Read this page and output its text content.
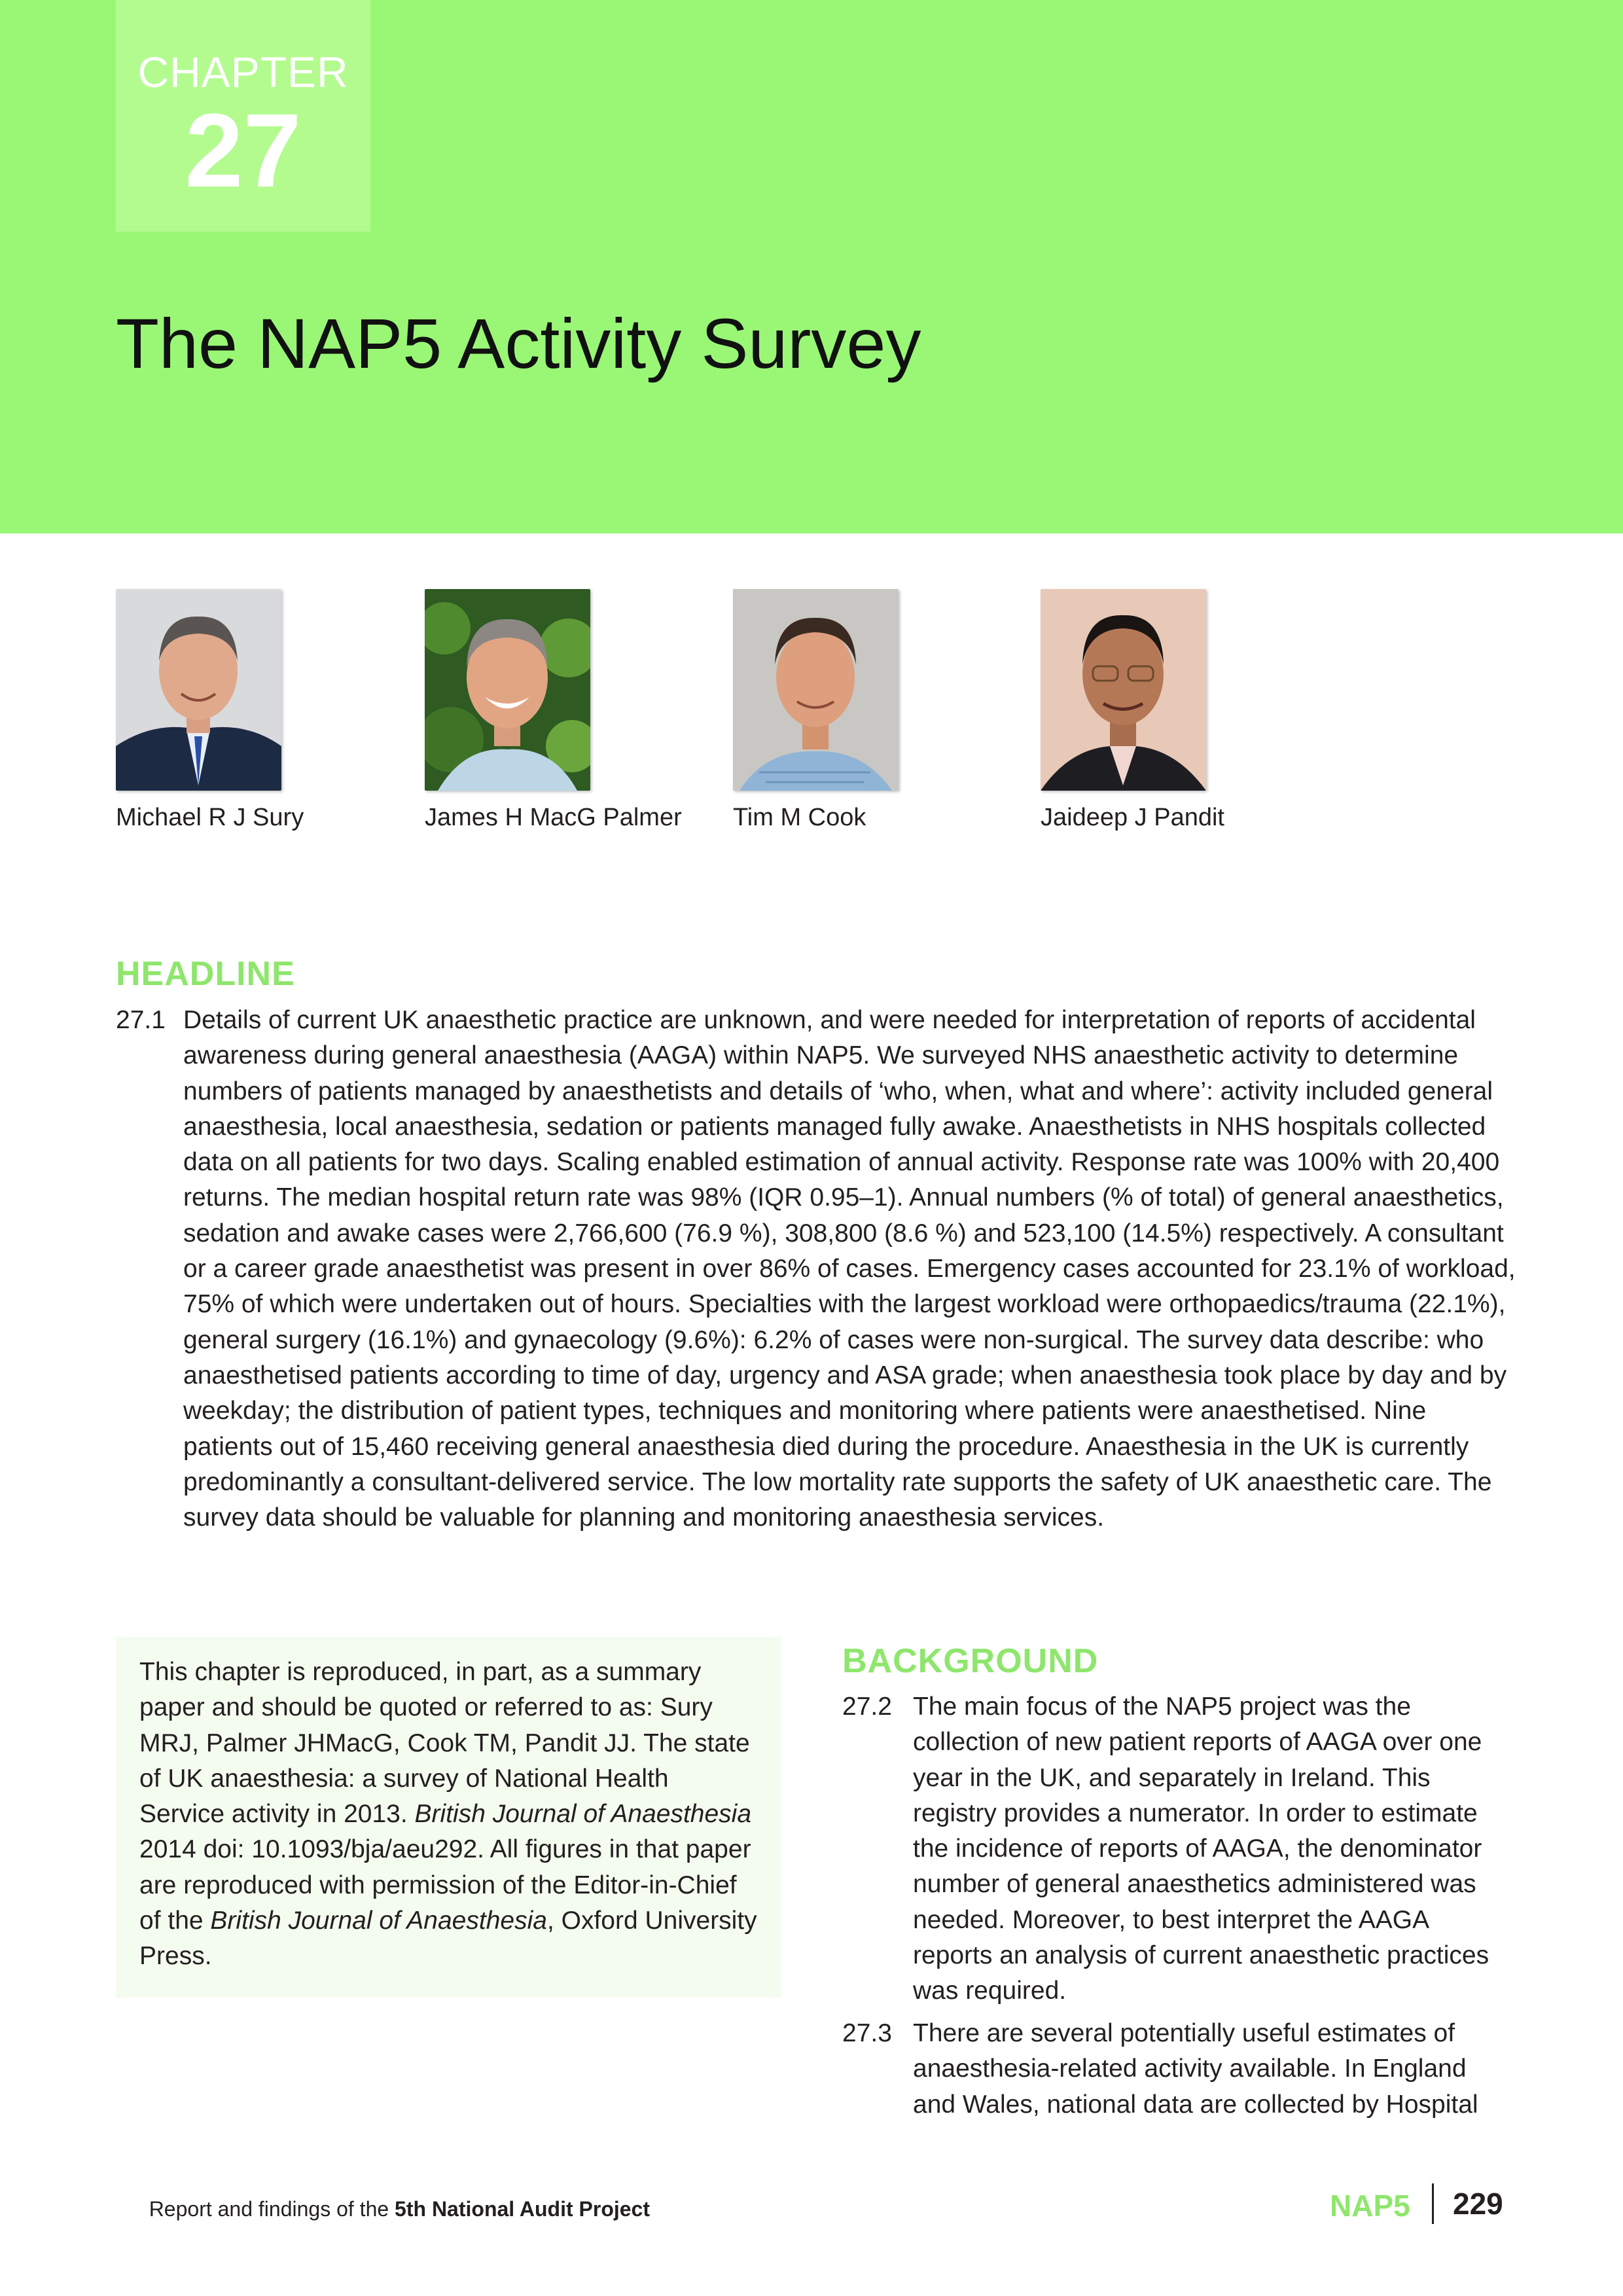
CHAPTER
27
The NAP5 Activity Survey
Michael R J Sury	James H MacG Palmer	Tim M Cook	Jaideep J Pandit
HEADLINE
27.1 Details of current UK anaesthetic practice are unknown, and were needed for interpretation of reports of accidental awareness during general anaesthesia (AAGA) within NAP5. We surveyed NHS anaesthetic activity to determine numbers of patients managed by anaesthetists and details of ‘who, when, what and where’: activity included general anaesthesia, local anaesthesia, sedation or patients managed fully awake. Anaesthetists in NHS hospitals collected data on all patients for two days. Scaling enabled estimation of annual activity. Response rate was 100% with 20,400 returns. The median hospital return rate was 98% (IQR 0.95–1). Annual numbers (% of total) of general anaesthetics, sedation and awake cases were 2,766,600 (76.9 %), 308,800 (8.6 %) and 523,100 (14.5%) respectively. A consultant or a career grade anaesthetist was present in over 86% of cases. Emergency cases accounted for 23.1% of workload, 75% of which were undertaken out of hours. Specialties with the largest workload were orthopaedics/trauma (22.1%), general surgery (16.1%) and gynaecology (9.6%): 6.2% of cases were non-surgical. The survey data describe: who anaesthetised patients according to time of day, urgency and ASA grade; when anaesthesia took place by day and by weekday; the distribution of patient types, techniques and monitoring where patients were anaesthetised. Nine patients out of 15,460 receiving general anaesthesia died during the procedure. Anaesthesia in the UK is currently predominantly a consultant-delivered service. The low mortality rate supports the safety of UK anaesthetic care. The survey data should be valuable for planning and monitoring anaesthesia services.
This chapter is reproduced, in part, as a summary paper and should be quoted or referred to as: Sury MRJ, Palmer JHMacG, Cook TM, Pandit JJ. The state of UK anaesthesia: a survey of National Health Service activity in 2013. British Journal of Anaesthesia 2014 doi: 10.1093/bja/aeu292. All figures in that paper are reproduced with permission of the Editor-in-Chief of the British Journal of Anaesthesia, Oxford University Press.
BACKGROUND
27.2 The main focus of the NAP5 project was the collection of new patient reports of AAGA over one year in the UK, and separately in Ireland. This registry provides a numerator. In order to estimate the incidence of reports of AAGA, the denominator number of general anaesthetics administered was needed. Moreover, to best interpret the AAGA reports an analysis of current anaesthetic practices was required.
27.3 There are several potentially useful estimates of anaesthesia-related activity available. In England and Wales, national data are collected by Hospital
Report and findings of the 5th National Audit Project	NAP5 229
